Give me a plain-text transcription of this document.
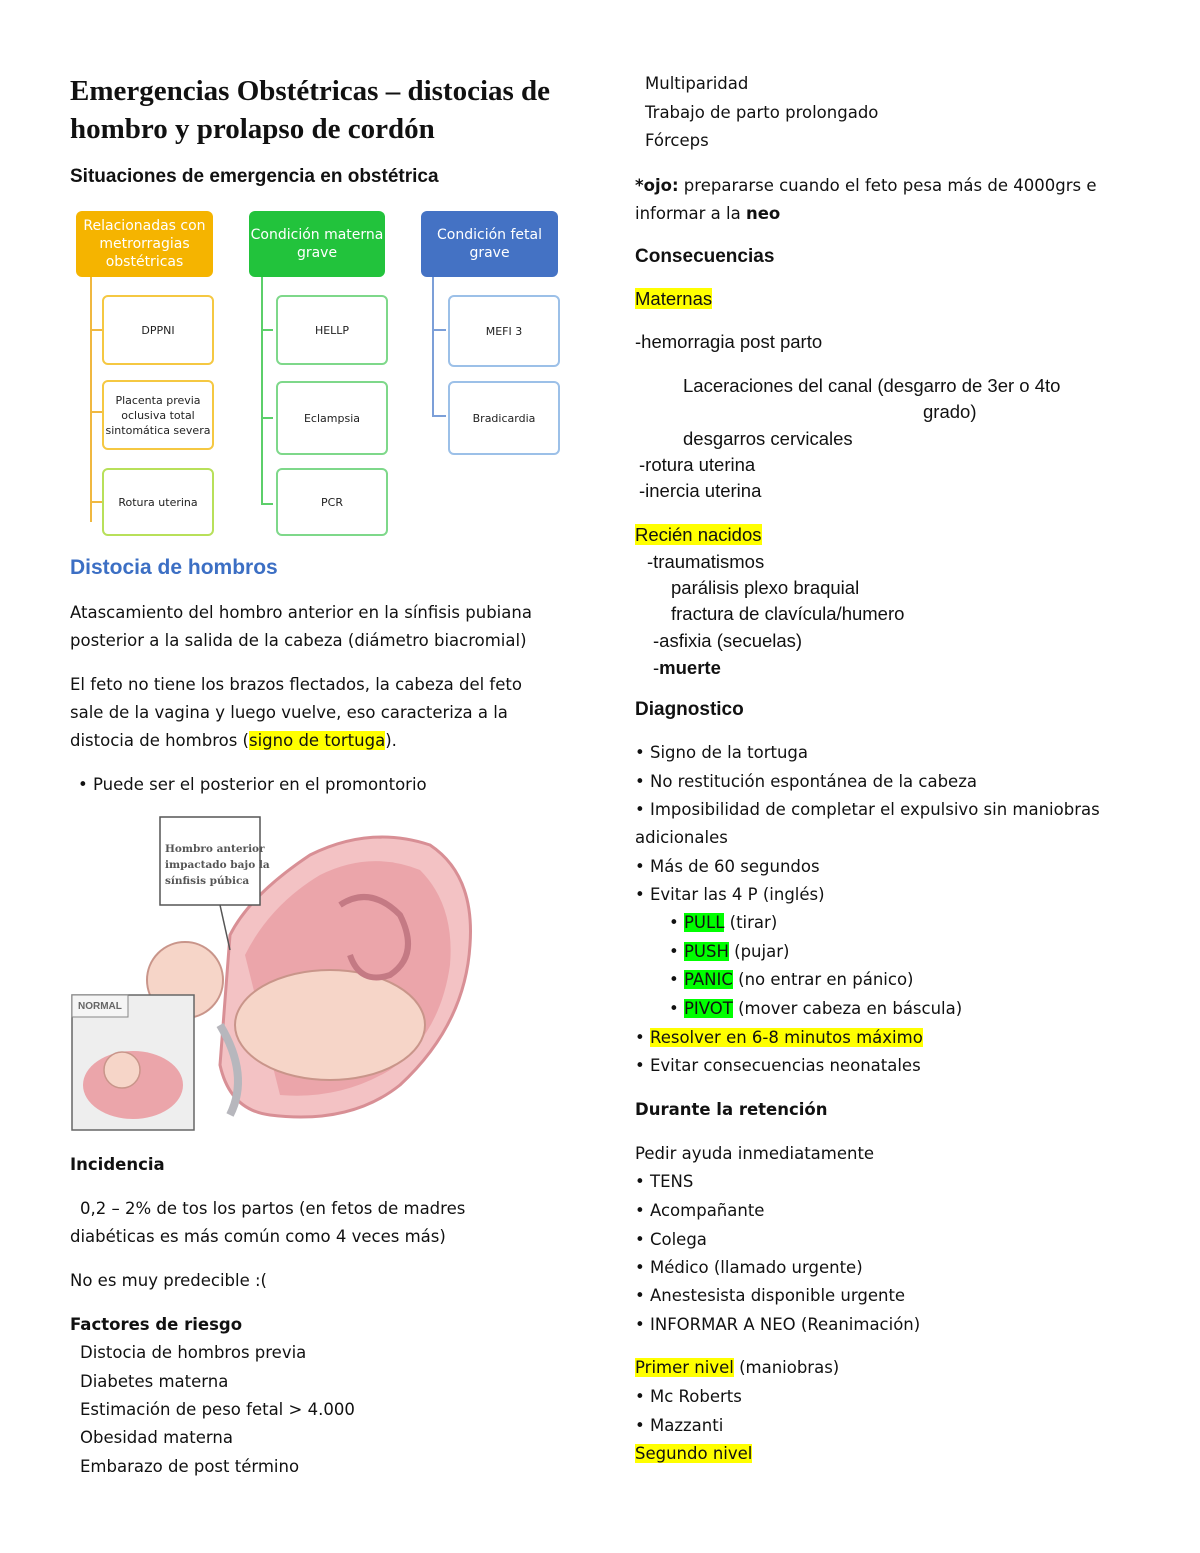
Emergencias Obstétricas – distocias de hombro y prolapso de cordón
Situaciones de emergencia en obstétrica
Relacionadas con metrorragias obstétricas
DPPNI
Placenta previa oclusiva total sintomática severa
Rotura uterina
Condición materna grave
HELLP
Eclampsia
PCR
Condición fetal grave
MEFI 3
Bradicardia
Distocia de hombros
Atascamiento del hombro anterior en la sínfisis pubiana
posterior a la salida de la cabeza (diámetro biacromial)
El feto no tiene los brazos flectados, la cabeza del feto
sale de la vagina y luego vuelve, eso caracteriza a la
distocia de hombros (signo de tortuga).
• Puede ser el posterior en el promontorio
Hombro anterior
impactado bajo la
sínfisis púbica
NORMAL
Incidencia
0,2 – 2% de tos los partos (en fetos de madres
diabéticas es más común como 4 veces más)
No es muy predecible :(
Factores de riesgo
Distocia de hombros previa
Diabetes materna
Estimación de peso fetal > 4.000
Obesidad materna
Embarazo de post término
Multiparidad
Trabajo de parto prolongado
Fórceps
*ojo: prepararse cuando el feto pesa más de 4000grs e
informar a la neo
Consecuencias
Maternas
-hemorragia post parto
Laceraciones del canal (desgarro de 3er o 4to
grado)
desgarros cervicales
-rotura uterina
-inercia uterina
Recién nacidos
-traumatismos
parálisis plexo braquial
fractura de clavícula/humero
-asfixia (secuelas)
-muerte
Diagnostico
• Signo de la tortuga
• No restitución espontánea de la cabeza
• Imposibilidad de completar el expulsivo sin maniobras
adicionales
• Más de 60 segundos
• Evitar las 4 P (inglés)
• PULL (tirar)
• PUSH (pujar)
• PANIC (no entrar en pánico)
• PIVOT (mover cabeza en báscula)
• Resolver en 6-8 minutos máximo
• Evitar consecuencias neonatales
Durante la retención
Pedir ayuda inmediatamente
• TENS
• Acompañante
• Colega
• Médico (llamado urgente)
• Anestesista disponible urgente
• INFORMAR A NEO (Reanimación)
Primer nivel (maniobras)
• Mc Roberts
• Mazzanti
Segundo nivel
